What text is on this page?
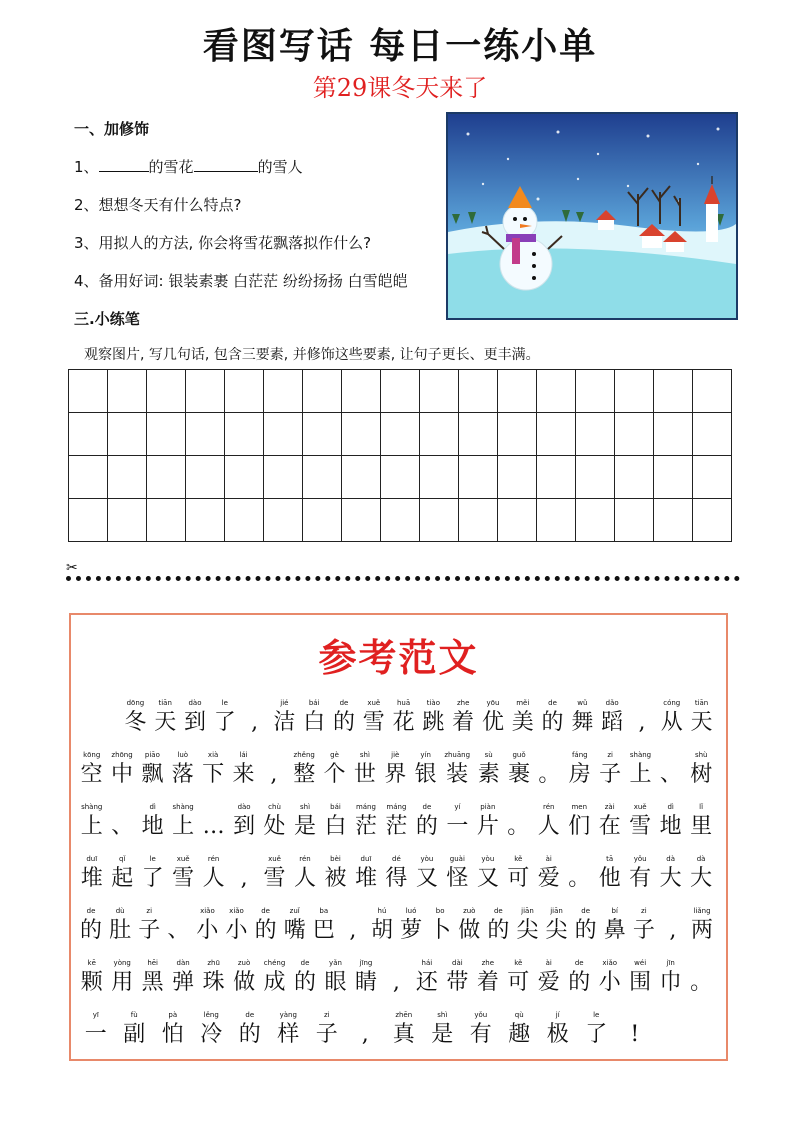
看图写话 每日一练小单
第29课冬天来了
一、加修饰
1、	的雪花	的雪人
2、想想冬天有什么特点?
3、用拟人的方法, 你会将雪花飘落拟作什么?
4、备用好词: 银装素裹 白茫茫 纷纷扬扬 白雪皑皑
三.小练笔
观察图片, 写几句话, 包含三要素, 并修饰这些要素, 让句子更长、更丰满。
✂
参考范文
dōng
冬
tiān
天
dào
到
le
了 ,
jié
洁
bái
白
de
的
xuě
雪
huā
花
tiào
跳
zhe
着
yōu
优
měi
美
de
的
wǔ
舞
dǎo
蹈 ,
cóng
从
tiān
天
kōng
空
zhōng
中
piāo
飘
luò
落
xià
下
lái
来 ,
zhěng
整
gè
个
shì
世
jiè
界
yín
银
zhuāng
装
sù
素
guǒ
裹 。
fáng
房
zi
子
shàng
上 、
shù
树
shàng
上 、
dì
地
shàng
上 …
dào
到
chù
处
shì
是
bái
白
máng
茫
máng
茫
de
的
yí
一
piàn
片 。
rén
人
men
们
zài
在
xuě
雪
dì
地
lǐ
里
duī
堆
qǐ
起
le
了
xuě
雪
rén
人 ,
xuě
雪
rén
人
bèi
被
duī
堆
dé
得
yòu
又
guài
怪
yòu
又
kě
可
ài
爱 。
tā
他
yǒu
有
dà
大
dà
大
de
的
dù
肚
zi
子 、
xiǎo
小
xiǎo
小
de
的
zuǐ
嘴
ba
巴 ,
hú
胡
luó
萝
bo
卜
zuò
做
de
的
jiān
尖
jiān
尖
de
的
bí
鼻
zi
子 ,
liǎng
两
kē
颗
yòng
用
hēi
黑
dàn
弹
zhū
珠
zuò
做
chéng
成
de
的
yǎn
眼
jīng
睛 ,
hái
还
dài
带
zhe
着
kě
可
ài
爱
de
的
xiǎo
小
wéi
围
jīn
巾 。
yī
一
fù
副
pà
怕
lěng
冷
de
的
yàng
样
zi
子 ,
zhēn
真
shì
是
yǒu
有
qù
趣
jí
极
le
了 !
